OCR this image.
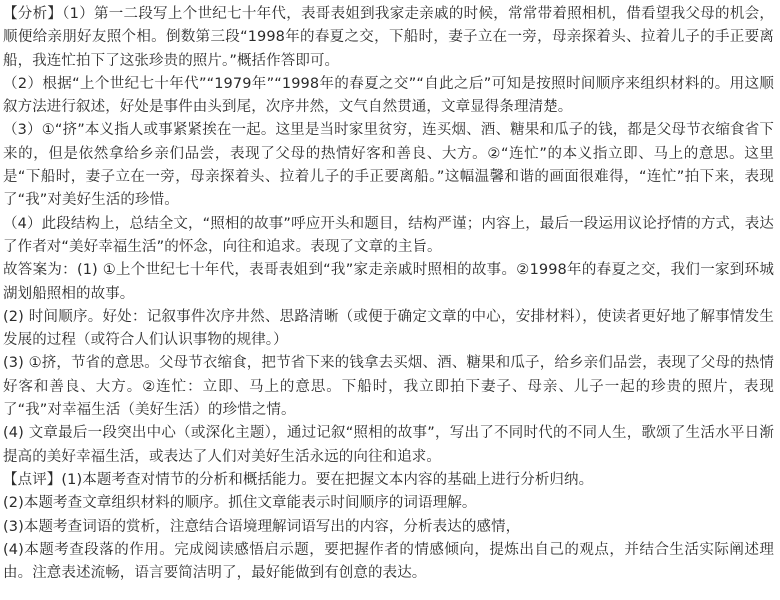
【分析】（1）第一二段写上个世纪七十年代，表哥表姐到我家走亲戚的时候，常常带着照相机，借看望我父母的机会，顺便给亲朋好友照个相。倒数第三段“1998年的春夏之交，下船时，妻子立在一旁，母亲探着头、拉着儿子的手正要离船，我连忙拍下了这张珍贵的照片。”概括作答即可。

（2）根据“上个世纪七十年代”“1979年”“1998年的春夏之交”“自此之后”可知是按照时间顺序来组织材料的。用这顺叙方法进行叙述，好处是事件由头到尾，次序井然，文气自然贯通，文章显得条理清楚。

（3）①“挤”本义指人或事紧紧挨在一起。这里是当时家里贫穷，连买烟、酒、糖果和瓜子的钱，都是父母节衣缩食省下来的，但是依然拿给乡亲们品尝，表现了父母的热情好客和善良、大方。②“连忙”的本义指立即、马上的意思。这里是“下船时，妻子立在一旁，母亲探着头、拉着儿子的手正要离船。”这幅温馨和谐的画面很难得，“连忙”拍下来，表现了“我”对美好生活的珍惜。

（4）此段结构上，总结全文，“照相的故事”呼应开头和题目，结构严谨；内容上，最后一段运用议论抒情的方式，表达了作者对“美好幸福生活”的怀念，向往和追求。表现了文章的主旨。

故答案为：(1) ①上个世纪七十年代，表哥表姐到“我”家走亲戚时照相的故事。②1998年的春夏之交，我们一家到环城湖划船照相的故事。

(2) 时间顺序。好处：记叙事件次序井然、思路清晰（或便于确定文章的中心，安排材料），使读者更好地了解事情发生发展的过程（或符合人们认识事物的规律。）

(3) ①挤，节省的意思。父母节衣缩食，把节省下来的钱拿去买烟、酒、糖果和瓜子，给乡亲们品尝，表现了父母的热情好客和善良、大方。②连忙：立即、马上的意思。下船时，我立即拍下妻子、母亲、儿子一起的珍贵的照片，表现了“我”对幸福生活（美好生活）的珍惜之情。

(4) 文章最后一段突出中心（或深化主题），通过记叙“照相的故事”，写出了不同时代的不同人生，歌颂了生活水平日渐提高的美好幸福生活，或表达了人们对美好生活永远的向往和追求。

【点评】(1)本题考查对情节的分析和概括能力。要在把握文本内容的基础上进行分析归纳。

(2)本题考查文章组织材料的顺序。抓住文章能表示时间顺序的词语理解。

(3)本题考查词语的赏析，注意结合语境理解词语写出的内容，分析表达的感情，

(4)本题考查段落的作用。完成阅读感悟启示题，要把握作者的情感倾向，提炼出自己的观点，并结合生活实际阐述理由。注意表述流畅，语言要简洁明了，最好能做到有创意的表达。
